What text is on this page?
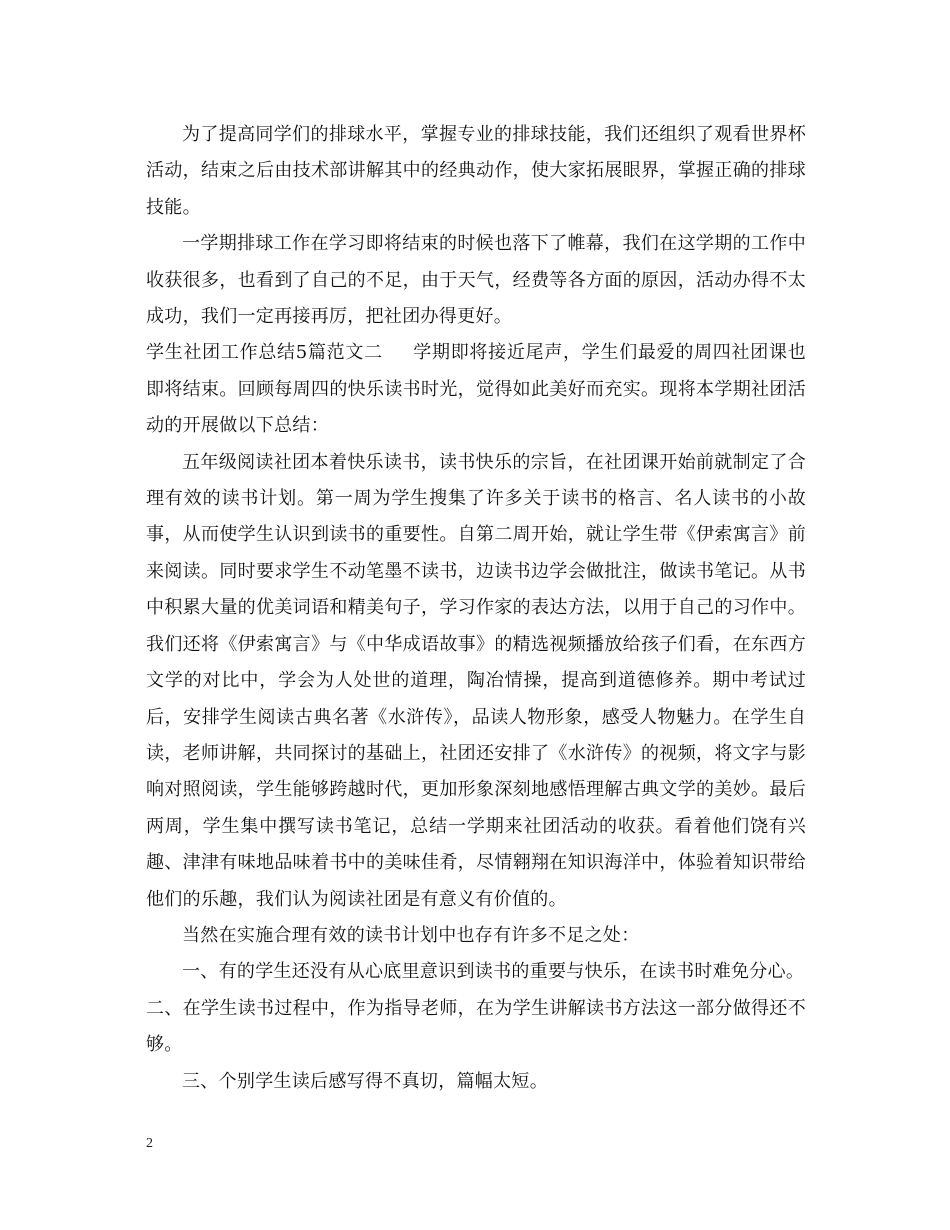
为了提高同学们的排球水平，掌握专业的排球技能，我们还组织了观看世界杯活动，结束之后由技术部讲解其中的经典动作，使大家拓展眼界，掌握正确的排球技能。

一学期排球工作在学习即将结束的时候也落下了帷幕，我们在这学期的工作中收获很多，也看到了自己的不足，由于天气，经费等各方面的原因，活动办得不太成功，我们一定再接再厉，把社团办得更好。

学生社团工作总结5篇范文二 学期即将接近尾声，学生们最爱的周四社团课也即将结束。回顾每周四的快乐读书时光，觉得如此美好而充实。现将本学期社团活动的开展做以下总结：

五年级阅读社团本着快乐读书，读书快乐的宗旨，在社团课开始前就制定了合理有效的读书计划。第一周为学生搜集了许多关于读书的格言、名人读书的小故事，从而使学生认识到读书的重要性。自第二周开始，就让学生带《伊索寓言》前来阅读。同时要求学生不动笔墨不读书，边读书边学会做批注，做读书笔记。从书中积累大量的优美词语和精美句子，学习作家的表达方法，以用于自己的习作中。我们还将《伊索寓言》与《中华成语故事》的精选视频播放给孩子们看，在东西方文学的对比中，学会为人处世的道理，陶冶情操，提高到道德修养。期中考试过后，安排学生阅读古典名著《水浒传》，品读人物形象，感受人物魅力。在学生自读，老师讲解，共同探讨的基础上，社团还安排了《水浒传》的视频，将文字与影响对照阅读，学生能够跨越时代，更加形象深刻地感悟理解古典文学的美妙。最后两周，学生集中撰写读书笔记，总结一学期来社团活动的收获。看着他们饶有兴趣、津津有味地品味着书中的美味佳肴，尽情翱翔在知识海洋中，体验着知识带给他们的乐趣，我们认为阅读社团是有意义有价值的。

当然在实施合理有效的读书计划中也存有许多不足之处：

一、有的学生还没有从心底里意识到读书的重要与快乐，在读书时难免分心。

二、在学生读书过程中，作为指导老师，在为学生讲解读书方法这一部分做得还不够。

三、个别学生读后感写得不真切，篇幅太短。

2
